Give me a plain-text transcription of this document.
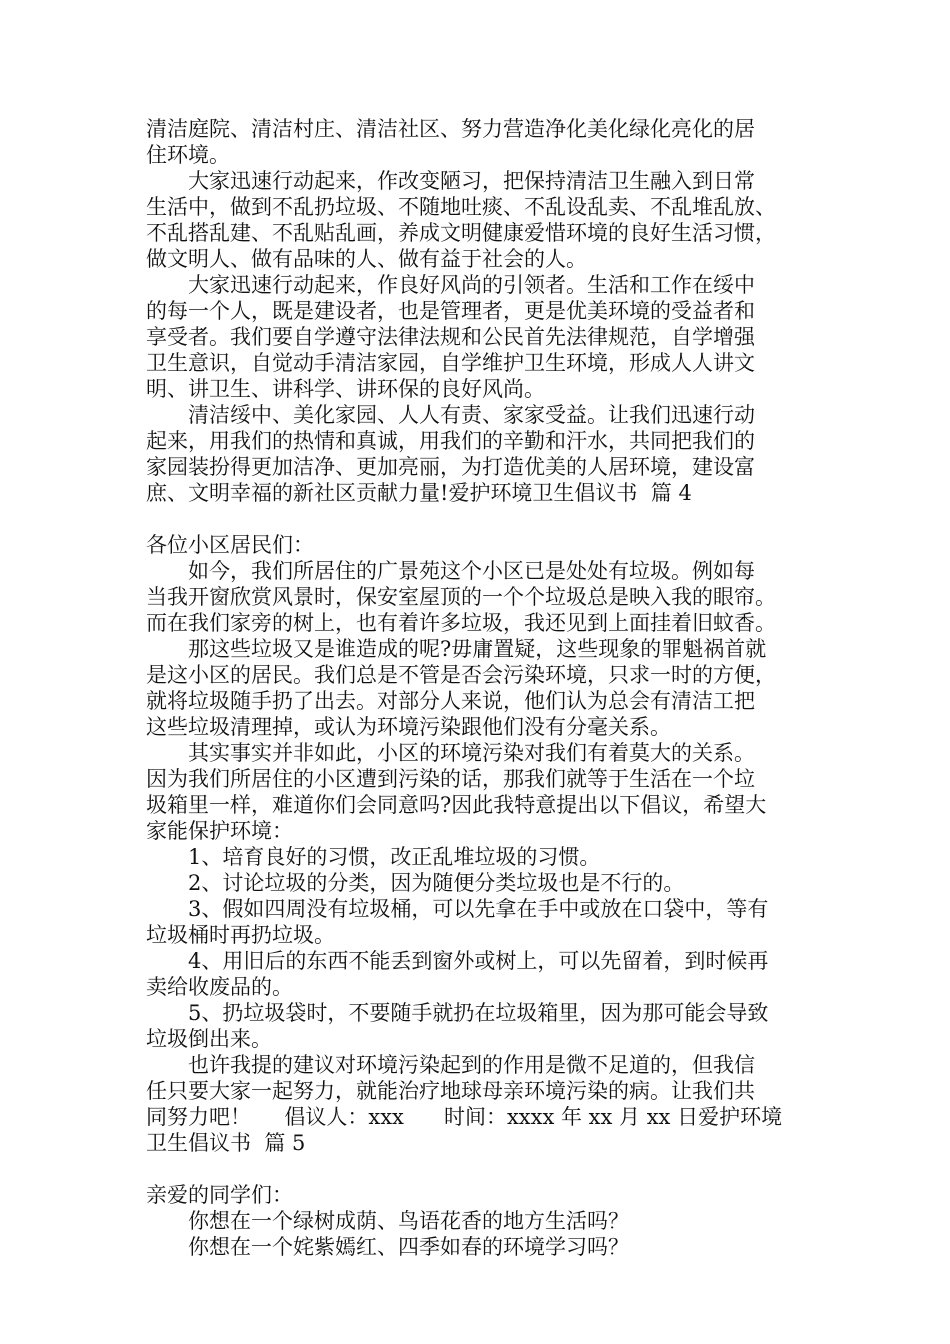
清洁庭院、清洁村庄、清洁社区、努力营造净化美化绿化亮化的居
住环境。
大家迅速行动起来，作改变陋习，把保持清洁卫生融入到日常
生活中，做到不乱扔垃圾、不随地吐痰、不乱设乱卖、不乱堆乱放、
不乱搭乱建、不乱贴乱画，养成文明健康爱惜环境的良好生活习惯，
做文明人、做有品味的人、做有益于社会的人。
大家迅速行动起来，作良好风尚的引领者。生活和工作在绥中
的每一个人，既是建设者，也是管理者，更是优美环境的受益者和
享受者。我们要自学遵守法律法规和公民首先法律规范，自学增强
卫生意识，自觉动手清洁家园，自学维护卫生环境，形成人人讲文
明、讲卫生、讲科学、讲环保的良好风尚。
清洁绥中、美化家园、人人有责、家家受益。让我们迅速行动
起来，用我们的热情和真诚，用我们的辛勤和汗水，共同把我们的
家园装扮得更加洁净、更加亮丽，为打造优美的人居环境，建设富
庶、文明幸福的新社区贡献力量!爱护环境卫生倡议书  篇 4
各位小区居民们：
如今，我们所居住的广景苑这个小区已是处处有垃圾。例如每
当我开窗欣赏风景时，保安室屋顶的一个个垃圾总是映入我的眼帘。
而在我们家旁的树上，也有着许多垃圾，我还见到上面挂着旧蚊香。
那这些垃圾又是谁造成的呢?毋庸置疑，这些现象的罪魁祸首就
是这小区的居民。我们总是不管是否会污染环境，只求一时的方便，
就将垃圾随手扔了出去。对部分人来说，他们认为总会有清洁工把
这些垃圾清理掉，或认为环境污染跟他们没有分毫关系。
其实事实并非如此，小区的环境污染对我们有着莫大的关系。
因为我们所居住的小区遭到污染的话，那我们就等于生活在一个垃
圾箱里一样，难道你们会同意吗?因此我特意提出以下倡议，希望大
家能保护环境：
1、培育良好的习惯，改正乱堆垃圾的习惯。
2、讨论垃圾的分类，因为随便分类垃圾也是不行的。
3、假如四周没有垃圾桶，可以先拿在手中或放在口袋中，等有
垃圾桶时再扔垃圾。
4、用旧后的东西不能丢到窗外或树上，可以先留着，到时候再
卖给收废品的。
5、扔垃圾袋时，不要随手就扔在垃圾箱里，因为那可能会导致
垃圾倒出来。
也许我提的建议对环境污染起到的作用是微不足道的，但我信
任只要大家一起努力，就能治疗地球母亲环境污染的病。让我们共
同努力吧！     倡议人：xxx      时间：xxxx 年 xx 月 xx 日爱护环境
卫生倡议书  篇 5
亲爱的同学们：
你想在一个绿树成荫、鸟语花香的地方生活吗？
你想在一个姹紫嫣红、四季如春的环境学习吗？
